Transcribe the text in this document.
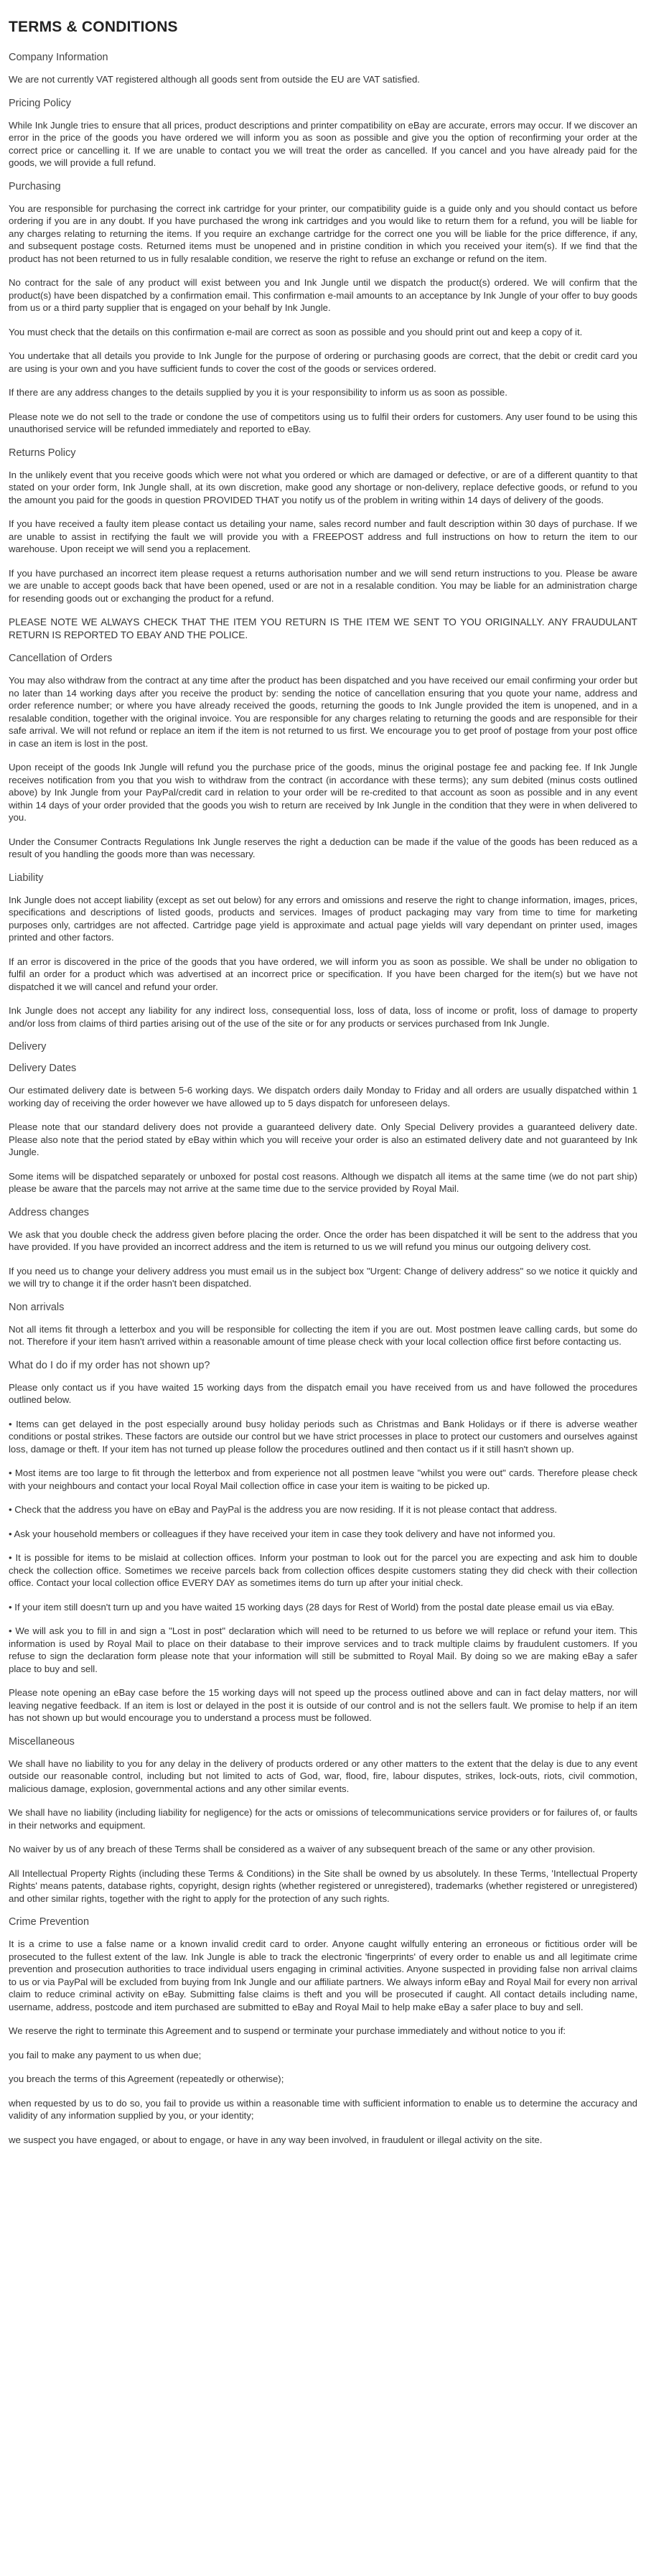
TERMS & CONDITIONS
Company Information

We are not currently VAT registered although all goods sent from outside the EU are VAT satisfied.

Pricing Policy

While Ink Jungle tries to ensure that all prices, product descriptions and printer compatibility on eBay are accurate, errors may occur. If we discover an error in the price of the goods you have ordered we will inform you as soon as possible and give you the option of reconfirming your order at the correct price or cancelling it. If we are unable to contact you we will treat the order as cancelled. If you cancel and you have already paid for the goods, we will provide a full refund.

Purchasing

You are responsible for purchasing the correct ink cartridge for your printer, our compatibility guide is a guide only and you should contact us before ordering if you are in any doubt. If you have purchased the wrong ink cartridges and you would like to return them for a refund, you will be liable for any charges relating to returning the items. If you require an exchange cartridge for the correct one you will be liable for the price difference, if any, and subsequent postage costs. Returned items must be unopened and in pristine condition in which you received your item(s). If we find that the product has not been returned to us in fully resalable condition, we reserve the right to refuse an exchange or refund on the item.

No contract for the sale of any product will exist between you and Ink Jungle until we dispatch the product(s) ordered. We will confirm that the product(s) have been dispatched by a confirmation email. This confirmation e-mail amounts to an acceptance by Ink Jungle of your offer to buy goods from us or a third party supplier that is engaged on your behalf by Ink Jungle.

You must check that the details on this confirmation e-mail are correct as soon as possible and you should print out and keep a copy of it.

You undertake that all details you provide to Ink Jungle for the purpose of ordering or purchasing goods are correct, that the debit or credit card you are using is your own and you have sufficient funds to cover the cost of the goods or services ordered.

If there are any address changes to the details supplied by you it is your responsibility to inform us as soon as possible.

Please note we do not sell to the trade or condone the use of competitors using us to fulfil their orders for customers. Any user found to be using this unauthorised service will be refunded immediately and reported to eBay.

Returns Policy

In the unlikely event that you receive goods which were not what you ordered or which are damaged or defective, or are of a different quantity to that stated on your order form, Ink Jungle shall, at its own discretion, make good any shortage or non-delivery, replace defective goods, or refund to you the amount you paid for the goods in question PROVIDED THAT you notify us of the problem in writing within 14 days of delivery of the goods.

If you have received a faulty item please contact us detailing your name, sales record number and fault description within 30 days of purchase. If we are unable to assist in rectifying the fault we will provide you with a FREEPOST address and full instructions on how to return the item to our warehouse. Upon receipt we will send you a replacement.

If you have purchased an incorrect item please request a returns authorisation number and we will send return instructions to you. Please be aware we are unable to accept goods back that have been opened, used or are not in a resalable condition. You may be liable for an administration charge for resending goods out or exchanging the product for a refund.

PLEASE NOTE WE ALWAYS CHECK THAT THE ITEM YOU RETURN IS THE ITEM WE SENT TO YOU ORIGINALLY. ANY FRAUDULANT RETURN IS REPORTED TO EBAY AND THE POLICE.

Cancellation of Orders

You may also withdraw from the contract at any time after the product has been dispatched and you have received our email confirming your order but no later than 14 working days after you receive the product by: sending the notice of cancellation ensuring that you quote your name, address and order reference number; or where you have already received the goods, returning the goods to Ink Jungle provided the item is unopened, and in a resalable condition, together with the original invoice. You are responsible for any charges relating to returning the goods and are responsible for their safe arrival. We will not refund or replace an item if the item is not returned to us first. We encourage you to get proof of postage from your post office in case an item is lost in the post.

Upon receipt of the goods Ink Jungle will refund you the purchase price of the goods, minus the original postage fee and packing fee. If Ink Jungle receives notification from you that you wish to withdraw from the contract (in accordance with these terms); any sum debited (minus costs outlined above) by Ink Jungle from your PayPal/credit card in relation to your order will be re-credited to that account as soon as possible and in any event within 14 days of your order provided that the goods you wish to return are received by Ink Jungle in the condition that they were in when delivered to you.

Under the Consumer Contracts Regulations Ink Jungle reserves the right a deduction can be made if the value of the goods has been reduced as a result of you handling the goods more than was necessary.

Liability

Ink Jungle does not accept liability (except as set out below) for any errors and omissions and reserve the right to change information, images, prices, specifications and descriptions of listed goods, products and services. Images of product packaging may vary from time to time for marketing purposes only, cartridges are not affected. Cartridge page yield is approximate and actual page yields will vary dependant on printer used, images printed and other factors.

If an error is discovered in the price of the goods that you have ordered, we will inform you as soon as possible. We shall be under no obligation to fulfil an order for a product which was advertised at an incorrect price or specification. If you have been charged for the item(s) but we have not dispatched it we will cancel and refund your order.

Ink Jungle does not accept any liability for any indirect loss, consequential loss, loss of data, loss of income or profit, loss of damage to property and/or loss from claims of third parties arising out of the use of the site or for any products or services purchased from Ink Jungle.

Delivery
Delivery Dates

Our estimated delivery date is between 5-6 working days. We dispatch orders daily Monday to Friday and all orders are usually dispatched within 1 working day of receiving the order however we have allowed up to 5 days dispatch for unforeseen delays.

Please note that our standard delivery does not provide a guaranteed delivery date. Only Special Delivery provides a guaranteed delivery date. Please also note that the period stated by eBay within which you will receive your order is also an estimated delivery date and not guaranteed by Ink Jungle.

Some items will be dispatched separately or unboxed for postal cost reasons. Although we dispatch all items at the same time (we do not part ship) please be aware that the parcels may not arrive at the same time due to the service provided by Royal Mail.

Address changes

We ask that you double check the address given before placing the order. Once the order has been dispatched it will be sent to the address that you have provided. If you have provided an incorrect address and the item is returned to us we will refund you minus our outgoing delivery cost.

If you need us to change your delivery address you must email us in the subject box "Urgent: Change of delivery address" so we notice it quickly and we will try to change it if the order hasn't been dispatched.

Non arrivals

Not all items fit through a letterbox and you will be responsible for collecting the item if you are out. Most postmen leave calling cards, but some do not. Therefore if your item hasn't arrived within a reasonable amount of time please check with your local collection office first before contacting us.

What do I do if my order has not shown up?

Please only contact us if you have waited 15 working days from the dispatch email you have received from us and have followed the procedures outlined below.

• Items can get delayed in the post especially around busy holiday periods such as Christmas and Bank Holidays or if there is adverse weather conditions or postal strikes. These factors are outside our control but we have strict processes in place to protect our customers and ourselves against loss, damage or theft. If your item has not turned up please follow the procedures outlined and then contact us if it still hasn't shown up.

• Most items are too large to fit through the letterbox and from experience not all postmen leave "whilst you were out" cards. Therefore please check with your neighbours and contact your local Royal Mail collection office in case your item is waiting to be picked up.

• Check that the address you have on eBay and PayPal is the address you are now residing. If it is not please contact that address.

• Ask your household members or colleagues if they have received your item in case they took delivery and have not informed you.

• It is possible for items to be mislaid at collection offices. Inform your postman to look out for the parcel you are expecting and ask him to double check the collection office. Sometimes we receive parcels back from collection offices despite customers stating they did check with their collection office. Contact your local collection office EVERY DAY as sometimes items do turn up after your initial check.

• If your item still doesn't turn up and you have waited 15 working days (28 days for Rest of World) from the postal date please email us via eBay.

• We will ask you to fill in and sign a "Lost in post" declaration which will need to be returned to us before we will replace or refund your item. This information is used by Royal Mail to place on their database to their improve services and to track multiple claims by fraudulent customers. If you refuse to sign the declaration form please note that your information will still be submitted to Royal Mail. By doing so we are making eBay a safer place to buy and sell.

Please note opening an eBay case before the 15 working days will not speed up the process outlined above and can in fact delay matters, nor will leaving negative feedback. If an item is lost or delayed in the post it is outside of our control and is not the sellers fault. We promise to help if an item has not shown up but would encourage you to understand a process must be followed.

Miscellaneous

We shall have no liability to you for any delay in the delivery of products ordered or any other matters to the extent that the delay is due to any event outside our reasonable control, including but not limited to acts of God, war, flood, fire, labour disputes, strikes, lock-outs, riots, civil commotion, malicious damage, explosion, governmental actions and any other similar events.

We shall have no liability (including liability for negligence) for the acts or omissions of telecommunications service providers or for failures of, or faults in their networks and equipment.

No waiver by us of any breach of these Terms shall be considered as a waiver of any subsequent breach of the same or any other provision.

All Intellectual Property Rights (including these Terms & Conditions) in the Site shall be owned by us absolutely. In these Terms, 'Intellectual Property Rights' means patents, database rights, copyright, design rights (whether registered or unregistered), trademarks (whether registered or unregistered) and other similar rights, together with the right to apply for the protection of any such rights.

Crime Prevention

It is a crime to use a false name or a known invalid credit card to order. Anyone caught wilfully entering an erroneous or fictitious order will be prosecuted to the fullest extent of the law. Ink Jungle is able to track the electronic 'fingerprints' of every order to enable us and all legitimate crime prevention and prosecution authorities to trace individual users engaging in criminal activities. Anyone suspected in providing false non arrival claims to us or via PayPal will be excluded from buying from Ink Jungle and our affiliate partners. We always inform eBay and Royal Mail for every non arrival claim to reduce criminal activity on eBay. Submitting false claims is theft and you will be prosecuted if caught. All contact details including name, username, address, postcode and item purchased are submitted to eBay and Royal Mail to help make eBay a safer place to buy and sell.

We reserve the right to terminate this Agreement and to suspend or terminate your purchase immediately and without notice to you if:

you fail to make any payment to us when due;

you breach the terms of this Agreement (repeatedly or otherwise);

when requested by us to do so, you fail to provide us within a reasonable time with sufficient information to enable us to determine the accuracy and validity of any information supplied by you, or your identity;

we suspect you have engaged, or about to engage, or have in any way been involved, in fraudulent or illegal activity on the site.
